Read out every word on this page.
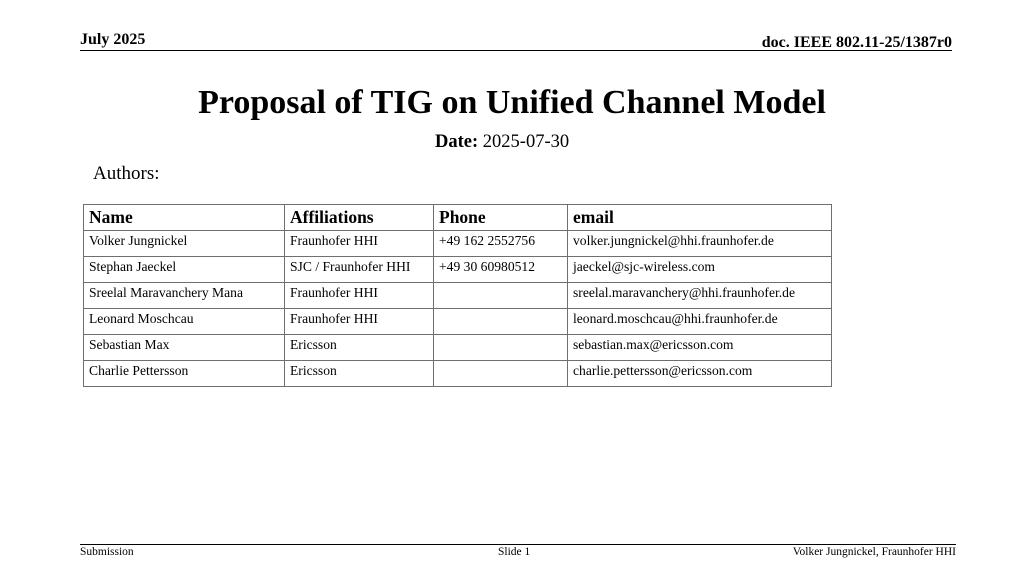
July 2025	doc. IEEE 802.11-25/1387r0
Proposal of TIG on Unified Channel Model
Date: 2025-07-30
Authors:
Name	Affiliations	Phone	email
Volker Jungnickel	Fraunhofer HHI	+49 162 2552756	volker.jungnickel@hhi.fraunhofer.de
Stephan Jaeckel	SJC / Fraunhofer HHI	+49 30 60980512	jaeckel@sjc-wireless.com
Sreelal Maravanchery Mana	Fraunhofer HHI		sreelal.maravanchery@hhi.fraunhofer.de
Leonard Moschcau	Fraunhofer HHI		leonard.moschcau@hhi.fraunhofer.de
Sebastian Max	Ericsson		sebastian.max@ericsson.com
Charlie Pettersson	Ericsson		charlie.pettersson@ericsson.com
Submission	Slide 1	Volker Jungnickel, Fraunhofer HHI
